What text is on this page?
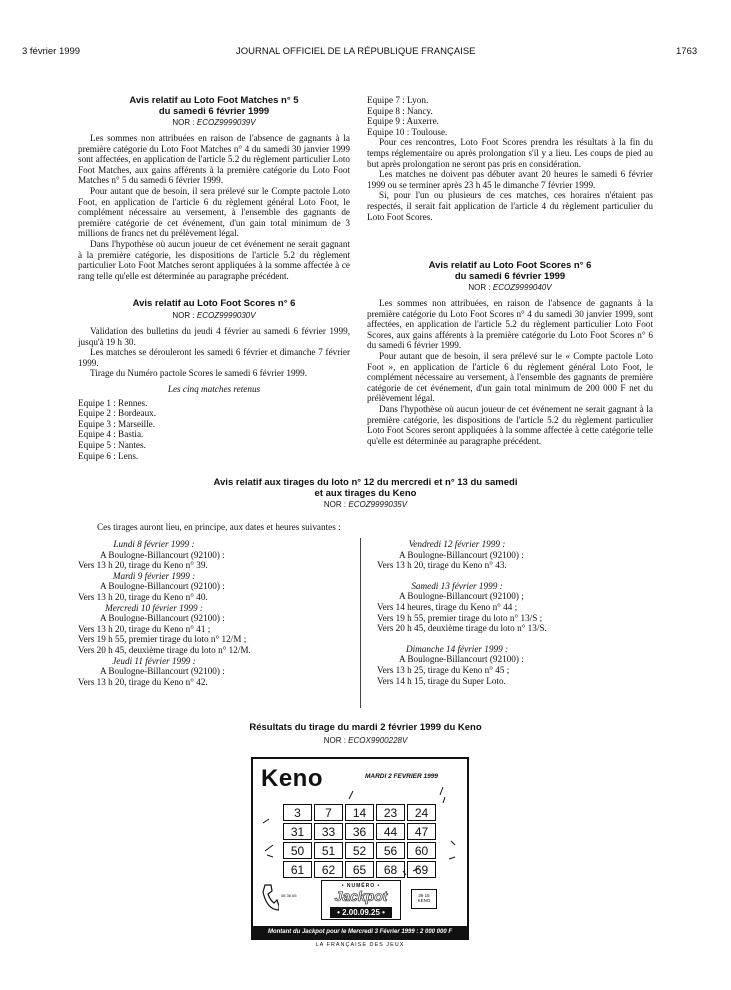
3 février 1999	JOURNAL OFFICIEL DE LA RÉPUBLIQUE FRANÇAISE	1763
Avis relatif au Loto Foot Matches n° 5
du samedi 6 février 1999
NOR : ECOZ9999039V

Les sommes non attribuées en raison de l'absence de gagnants à la première catégorie du Loto Foot Matches n° 4 du samedi 30 janvier 1999 sont affectées, en application de l'article 5.2 du règlement particulier Loto Foot Matches, aux gains afférents à la première catégorie du Loto Foot Matches n° 5 du samedi 6 février 1999.

Pour autant que de besoin, il sera prélevé sur le Compte pactole Loto Foot, en application de l'article 6 du règlement général Loto Foot, le complément nécessaire au versement, à l'ensemble des gagnants de première catégorie de cet événement, d'un gain total minimum de 3 millions de francs net du prélèvement légal.

Dans l'hypothèse où aucun joueur de cet événement ne serait gagnant à la première catégorie, les dispositions de l'article 5.2 du règlement particulier Loto Foot Matches seront appliquées à la somme affectée à ce rang telle qu'elle est déterminée au paragraphe précédent.

Avis relatif au Loto Foot Scores n° 6
NOR : ECOZ9999030V

Validation des bulletins du jeudi 4 février au samedi 6 février 1999, jusqu'à 19 h 30.

Les matches se dérouleront les samedi 6 février et dimanche 7 février 1999.

Tirage du Numéro pactole Scores le samedi 6 février 1999.

Les cinq matches retenus
Equipe 1 : Rennes.
Equipe 2 : Bordeaux.
Equipe 3 : Marseille.
Equipe 4 : Bastia.
Equipe 5 : Nantes.
Equipe 6 : Lens.
Equipe 7 : Lyon.
Equipe 8 : Nancy.
Equipe 9 : Auxerre.
Equipe 10 : Toulouse.

Pour ces rencontres, Loto Foot Scores prendra les résultats à la fin du temps réglementaire ou après prolongation s'il y a lieu. Les coups de pied au but après prolongation ne seront pas pris en considération.

Les matches ne doivent pas débuter avant 20 heures le samedi 6 février 1999 ou se terminer après 23 h 45 le dimanche 7 février 1999.

Si, pour l'un ou plusieurs de ces matches, ces horaires n'étaient pas respectés, il serait fait application de l'article 4 du règlement particulier du Loto Foot Scores.

Avis relatif au Loto Foot Scores n° 6
du samedi 6 février 1999
NOR : ECOZ9999040V

Les sommes non attribuées, en raison de l'absence de gagnants à la première catégorie du Loto Foot Scores n° 4 du samedi 30 janvier 1999, sont affectées, en application de l'article 5.2 du règlement particulier Loto Foot Scores, aux gains afférents à la première catégorie du Loto Foot Scores n° 6 du samedi 6 février 1999.

Pour autant que de besoin, il sera prélevé sur le « Compte pactole Loto Foot », en application de l'article 6 du règlement général Loto Foot, le complément nécessaire au versement, à l'ensemble des gagnants de première catégorie de cet événement, d'un gain total minimum de 200 000 F net du prélèvement légal.

Dans l'hypothèse où aucun joueur de cet événement ne serait gagnant à la première catégorie, les dispositions de l'article 5.2 du règlement particulier Loto Foot Scores seront appliquées à la somme affectée à cette catégorie telle qu'elle est déterminée au paragraphe précédent.

Avis relatif aux tirages du loto n° 12 du mercredi et n° 13 du samedi
et aux tirages du Keno
NOR : ECOZ9999035V
Ces tirages auront lieu, en principe, aux dates et heures suivantes :
Lundi 8 février 1999 :
A Boulogne-Billancourt (92100) :
Vers 13 h 20, tirage du Keno n° 39.
Mardi 9 février 1999 :
A Boulogne-Billancourt (92100) :
Vers 13 h 20, tirage du Keno n° 40.
Mercredi 10 février 1999 :
A Boulogne-Billancourt (92100) :
Vers 13 h 20, tirage du Keno n° 41 ;
Vers 19 h 55, premier tirage du loto n° 12/M ;
Vers 20 h 45, deuxième tirage du loto n° 12/M.
Jeudi 11 février 1999 :
A Boulogne-Billancourt (92100) :
Vers 13 h 20, tirage du Keno n° 42.
Vendredi 12 février 1999 :
A Boulogne-Billancourt (92100) :
Vers 13 h 20, tirage du Keno n° 43.
Samedi 13 février 1999 :
A Boulogne-Billancourt (92100) ;
Vers 14 heures, tirage du Keno n° 44 ;
Vers 19 h 55, premier tirage du loto n° 13/S ;
Vers 20 h 45, deuxième tirage du loto n° 13/S.
Dimanche 14 février 1999 :
A Boulogne-Billancourt (92100) :
Vers 13 h 25, tirage du Keno n° 45 ;
Vers 14 h 15, tirage du Super Loto.
Résultats du tirage du mardi 2 février 1999 du Keno
NOR : ECOX9900228V
Keno	MARDI 2 FEVRIER 1999
3	7	14	23	24
31	33	36	44	47
50	51	52	56	60
61	62	65	68	69
08 36 65
• NUMÉRO •
Jackpot
• 2.00.09.25 •
36 15 KENO
Montant du Jackpot pour le Mercredi 3 Février 1999 : 2 000 000 F
LA FRANÇAISE DES JEUX
